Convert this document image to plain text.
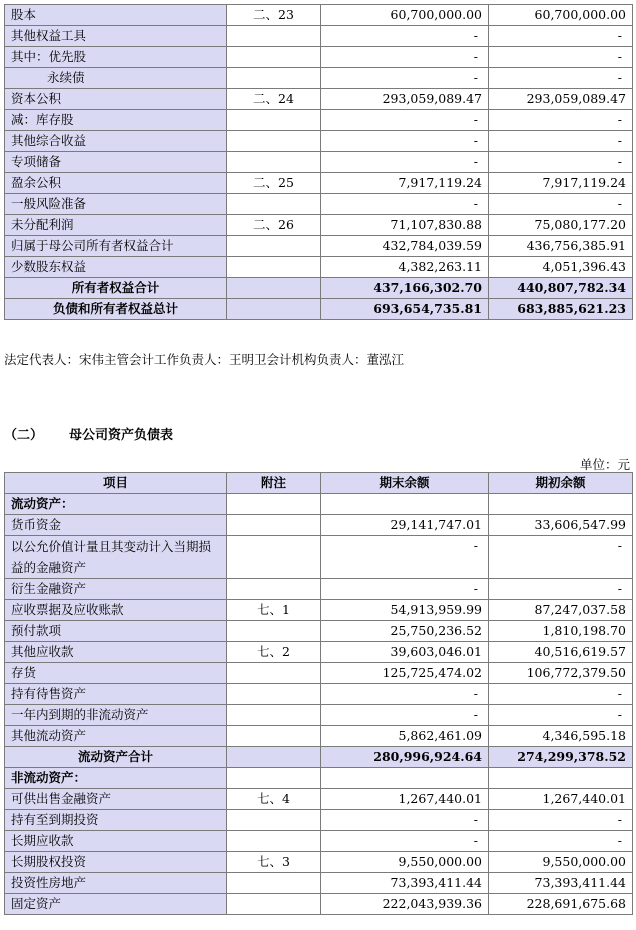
股本	二、23	60,700,000.00	60,700,000.00
其他权益工具		-	-
其中：优先股		-	-
永续债		-	-
资本公积	二、24	293,059,089.47	293,059,089.47
减：库存股		-	-
其他综合收益		-	-
专项储备		-	-
盈余公积	二、25	7,917,119.24	7,917,119.24
一般风险准备		-	-
未分配利润	二、26	71,107,830.88	75,080,177.20
归属于母公司所有者权益合计		432,784,039.59	436,756,385.91
少数股东权益		4,382,263.11	4,051,396.43
所有者权益合计		437,166,302.70	440,807,782.34
负债和所有者权益总计		693,654,735.81	683,885,621.23
法定代表人：宋伟主管会计工作负责人：王明卫会计机构负责人：董泓江
（二） 母公司资产负债表
单位：元
项目	附注	期末余额	期初余额
流动资产：			
货币资金		29,141,747.01	33,606,547.99
以公允价值计量且其变动计入当期损益的金融资产		-	-
衍生金融资产		-	-
应收票据及应收账款	七、1	54,913,959.99	87,247,037.58
预付款项		25,750,236.52	1,810,198.70
其他应收款	七、2	39,603,046.01	40,516,619.57
存货		125,725,474.02	106,772,379.50
持有待售资产		-	-
一年内到期的非流动资产		-	-
其他流动资产		5,862,461.09	4,346,595.18
流动资产合计		280,996,924.64	274,299,378.52
非流动资产：			
可供出售金融资产	七、4	1,267,440.01	1,267,440.01
持有至到期投资		-	-
长期应收款		-	-
长期股权投资	七、3	9,550,000.00	9,550,000.00
投资性房地产		73,393,411.44	73,393,411.44
固定资产		222,043,939.36	228,691,675.68
